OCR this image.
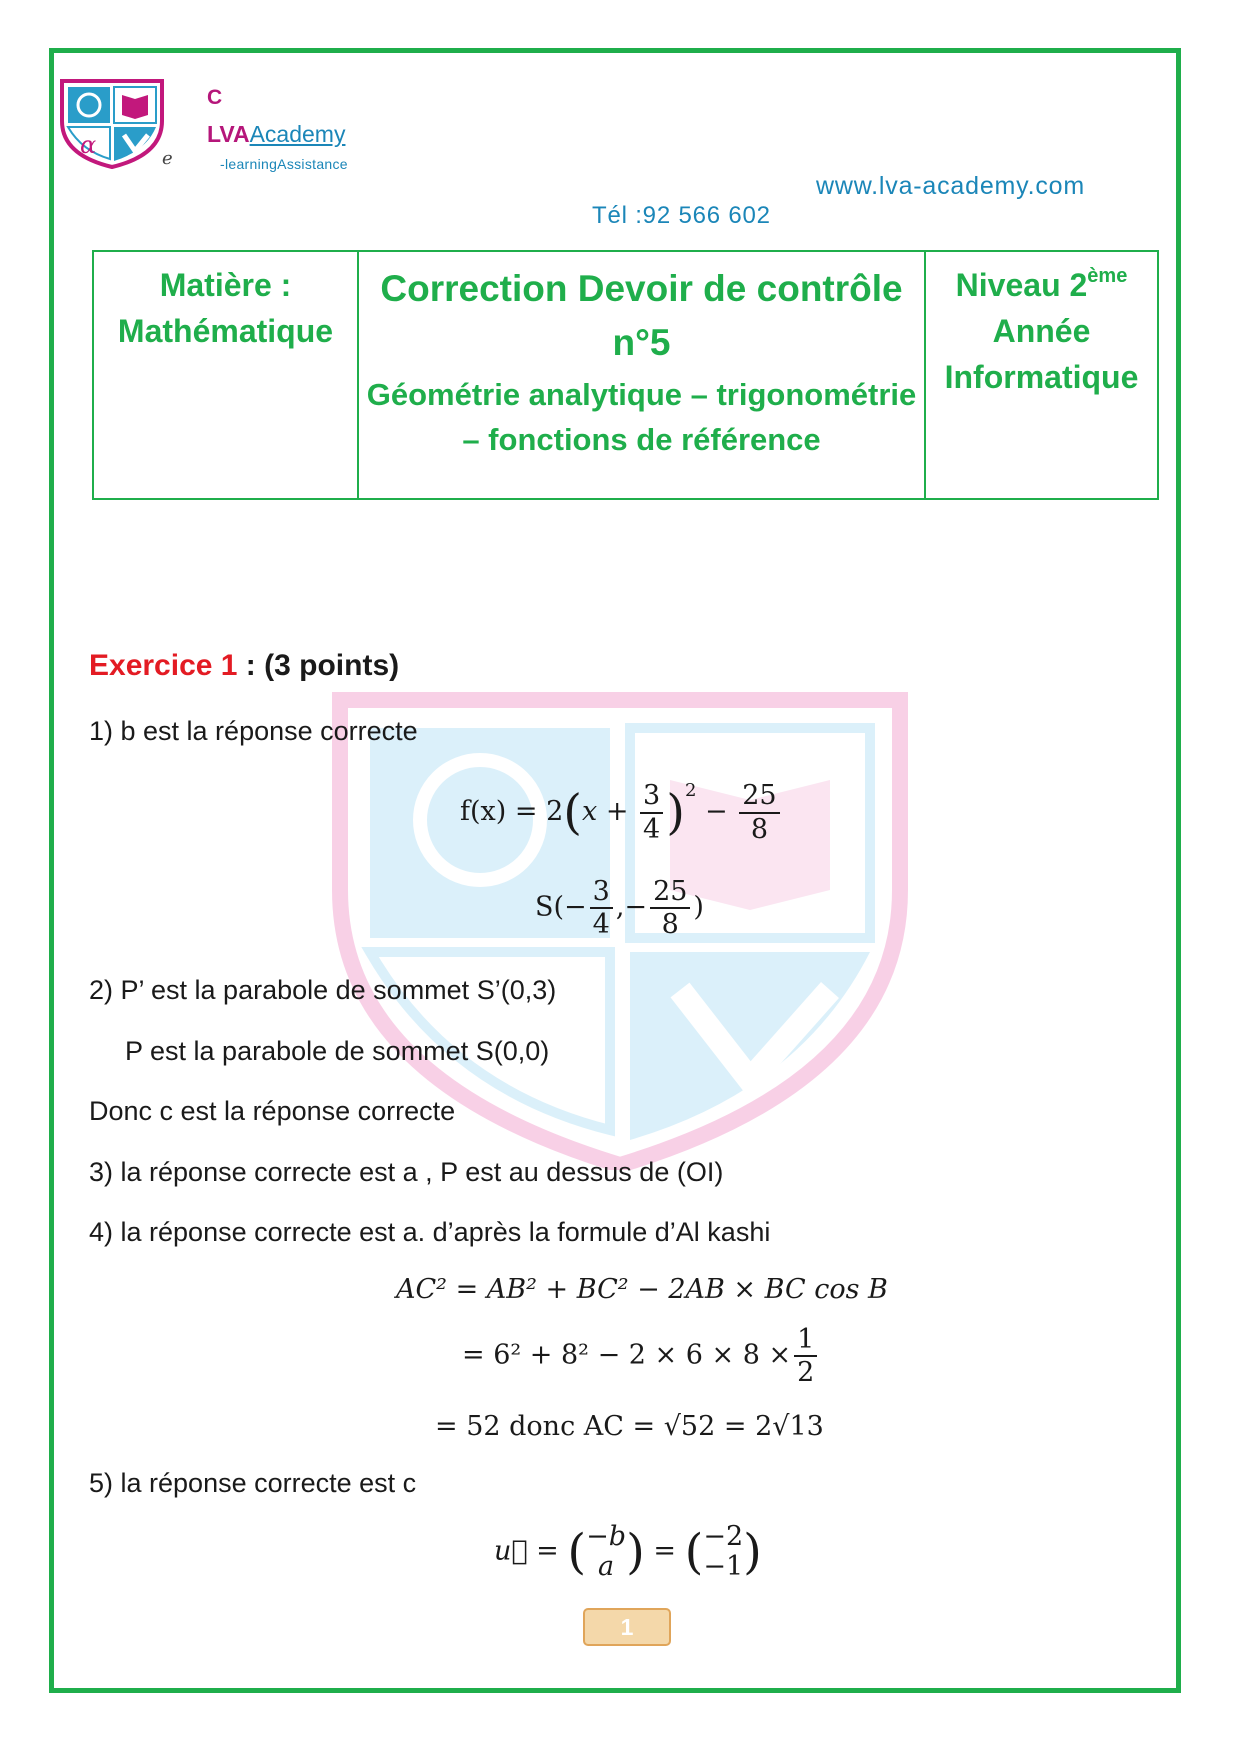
α
C
e
LVAAcademy
-learningAssistance
www.lva-academy.com
Tél :92 566 602
Matière :
Mathématique
Correction Devoir de contrôle
n°5
Géométrie analytique – trigonométrie – fonctions de référence
Niveau 2ème
Année
Informatique
Exercice 1 : (3 points)
1) b est la réponse correcte
$f(x) = 2(x + \frac{3}{4} )^2 - \frac{25}{8}$
$S(- \frac{3}{4}$ ,− $\frac{25}{8}$ )
2) P’ est la parabole de sommet S’(0,3)
P est la parabole de sommet S(0,0)
Donc c est la réponse correcte
3) la réponse correcte est a , P est au dessus de (OI)
4) la réponse correcte est a. d’après la formule d’Al kashi
AC² = AB² + BC² − 2AB × BC cos B
= $6^2 + 8^2 - 2 \times 6 \times 8 \times \frac{1}{2}$
= 52 donc AC = √52 = 2√13
5) la réponse correcte est c
u⃗ = ( −b
a ) = ( −2
−1 )
1
